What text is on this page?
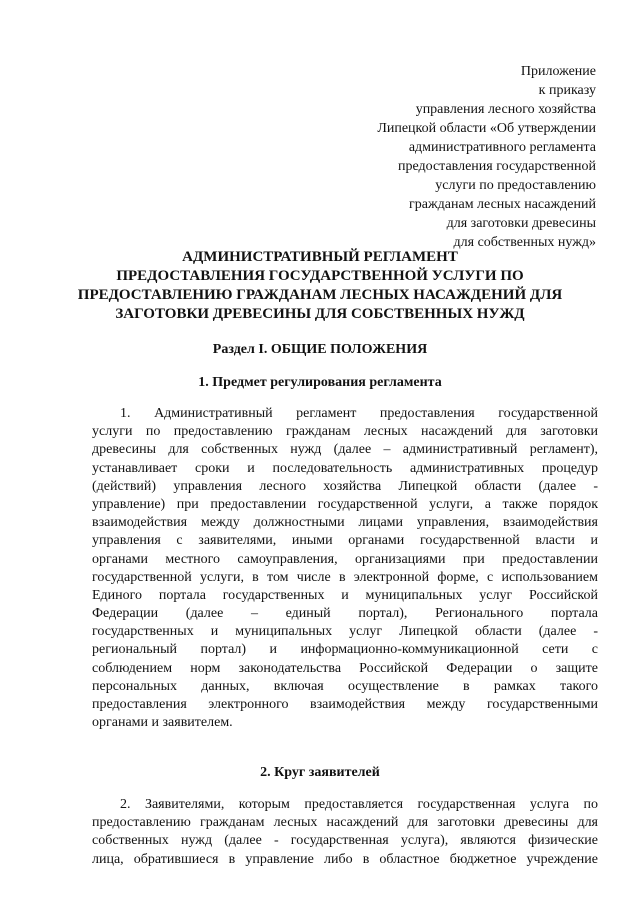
Приложение
к приказу
управления лесного хозяйства
Липецкой области «Об утверждении
административного регламента
предоставления государственной
услуги по предоставлению
гражданам лесных насаждений
для заготовки древесины
для собственных нужд»
АДМИНИСТРАТИВНЫЙ РЕГЛАМЕНТ
ПРЕДОСТАВЛЕНИЯ ГОСУДАРСТВЕННОЙ УСЛУГИ ПО
ПРЕДОСТАВЛЕНИЮ ГРАЖДАНАМ ЛЕСНЫХ НАСАЖДЕНИЙ ДЛЯ
ЗАГОТОВКИ ДРЕВЕСИНЫ ДЛЯ СОБСТВЕННЫХ НУЖД
Раздел I. ОБЩИЕ ПОЛОЖЕНИЯ
1. Предмет регулирования регламента
1. Административный регламент предоставления государственной
услуги по предоставлению гражданам лесных насаждений для заготовки
древесины для собственных нужд (далее – административный регламент),
устанавливает сроки и последовательность административных процедур
(действий) управления лесного хозяйства Липецкой области (далее -
управление) при предоставлении государственной услуги, а также порядок
взаимодействия между должностными лицами управления, взаимодействия
управления с заявителями, иными органами государственной власти и
органами местного самоуправления, организациями при предоставлении
государственной услуги, в том числе в электронной форме, с использованием
Единого портала государственных и муниципальных услуг Российской
Федерации (далее – единый портал), Регионального портала
государственных и муниципальных услуг Липецкой области (далее -
региональный портал) и информационно-коммуникационной сети с
соблюдением норм законодательства Российской Федерации о защите
персональных данных, включая осуществление в рамках такого
предоставления электронного взаимодействия между государственными
органами и заявителем.
2. Круг заявителей
2. Заявителями, которым предоставляется государственная услуга по
предоставлению гражданам лесных насаждений для заготовки древесины для
собственных нужд (далее - государственная услуга), являются физические
лица, обратившиеся в управление либо в областное бюджетное учреждение
